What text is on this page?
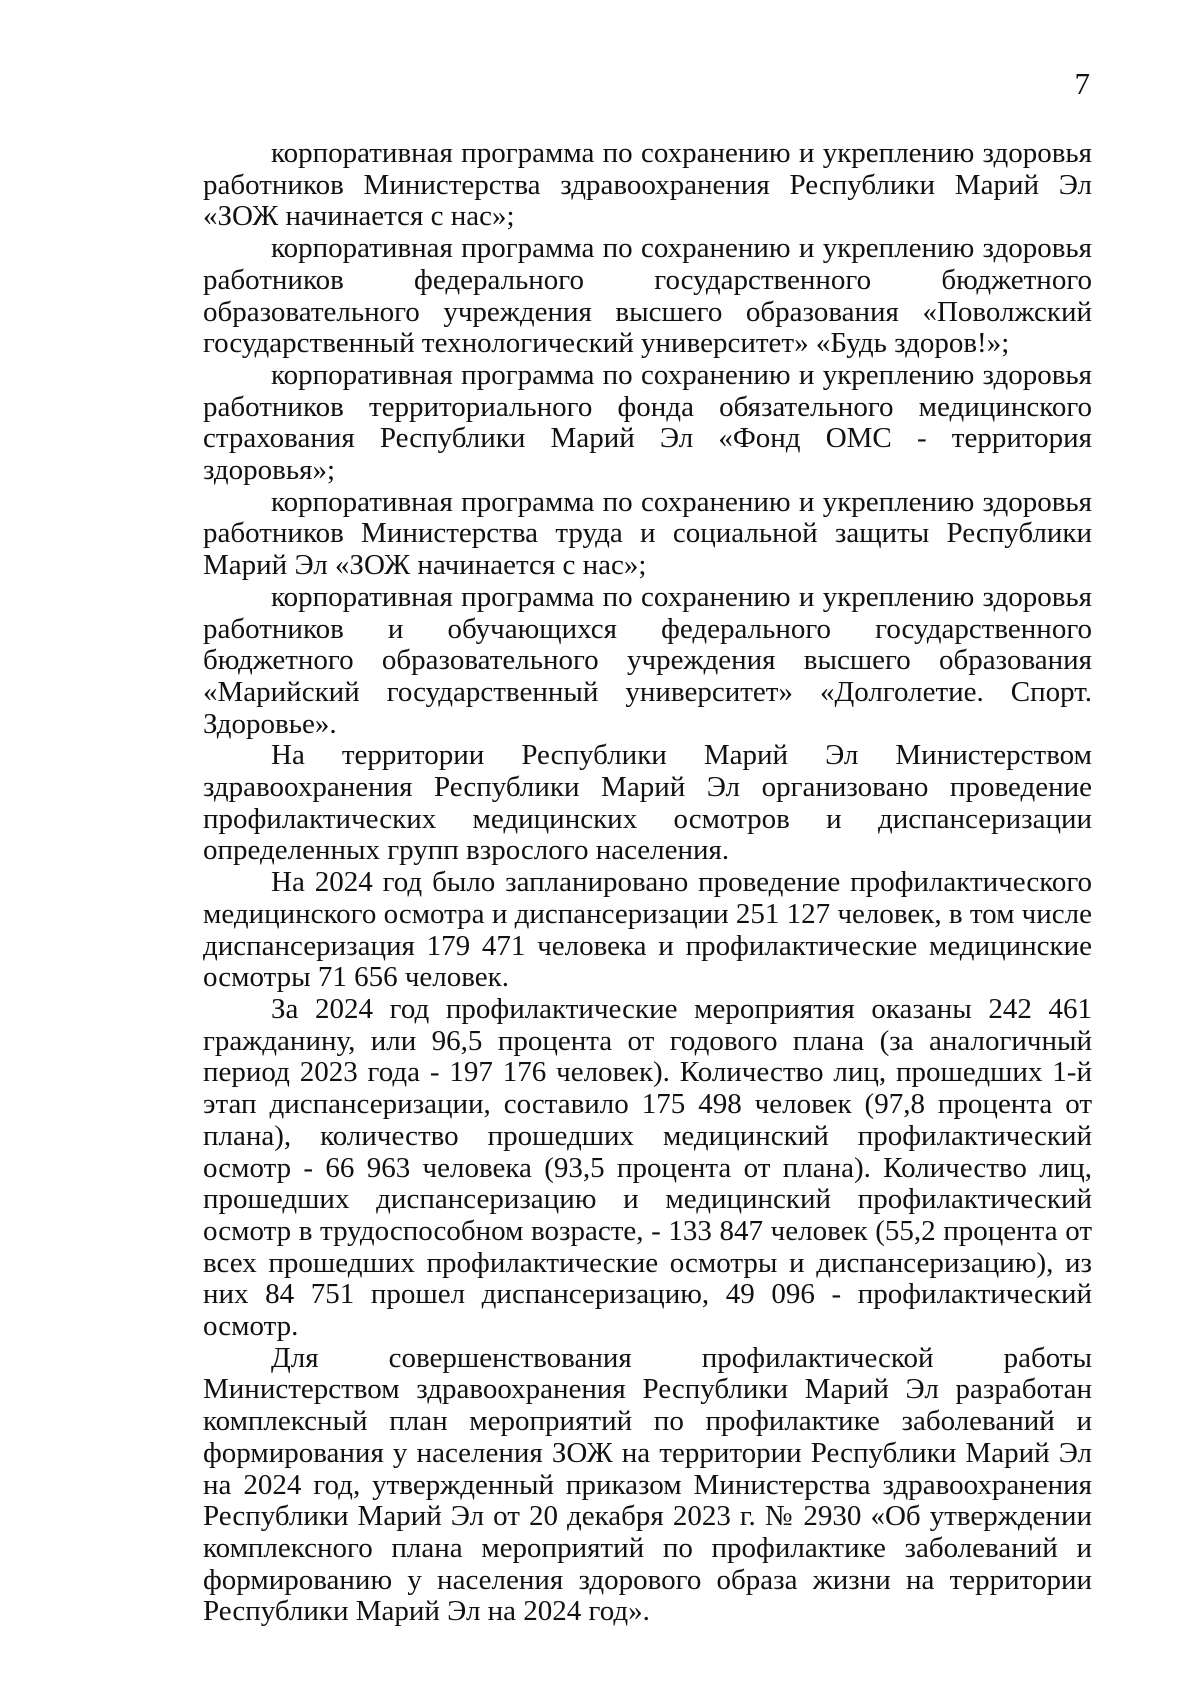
7

корпоративная программа по сохранению и укреплению здоровья работников Министерства здравоохранения Республики Марий Эл «ЗОЖ начинается с нас»;

корпоративная программа по сохранению и укреплению здоровья работников федерального государственного бюджетного образовательного учреждения высшего образования «Поволжский государственный технологический университет» «Будь здоров!»;

корпоративная программа по сохранению и укреплению здоровья работников территориального фонда обязательного медицинского страхования Республики Марий Эл «Фонд ОМС - территория здоровья»;

корпоративная программа по сохранению и укреплению здоровья работников Министерства труда и социальной защиты Республики Марий Эл «ЗОЖ начинается с нас»;

корпоративная программа по сохранению и укреплению здоровья работников и обучающихся федерального государственного бюджетного образовательного учреждения высшего образования «Марийский государственный университет» «Долголетие. Спорт. Здоровье».

На территории Республики Марий Эл Министерством здравоохранения Республики Марий Эл организовано проведение профилактических медицинских осмотров и диспансеризации определенных групп взрослого населения.

На 2024 год было запланировано проведение профилактического медицинского осмотра и диспансеризации 251 127 человек, в том числе диспансеризация 179 471 человека и профилактические медицинские осмотры 71 656 человек.

За 2024 год профилактические мероприятия оказаны 242 461 гражданину, или 96,5 процента от годового плана (за аналогичный период 2023 года - 197 176 человек). Количество лиц, прошедших 1-й этап диспансеризации, составило 175 498 человек (97,8 процента от плана), количество прошедших медицинский профилактический осмотр - 66 963 человека (93,5 процента от плана). Количество лиц, прошедших диспансеризацию и медицинский профилактический осмотр в трудоспособном возрасте, - 133 847 человек (55,2 процента от всех прошедших профилактические осмотры и диспансеризацию), из них 84 751 прошел диспансеризацию, 49 096 - профилактический осмотр.

Для совершенствования профилактической работы Министерством здравоохранения Республики Марий Эл разработан комплексный план мероприятий по профилактике заболеваний и формирования у населения ЗОЖ на территории Республики Марий Эл на 2024 год, утвержденный приказом Министерства здравоохранения Республики Марий Эл от 20 декабря 2023 г. № 2930 «Об утверждении комплексного плана мероприятий по профилактике заболеваний и формированию у населения здорового образа жизни на территории Республики Марий Эл на 2024 год».
